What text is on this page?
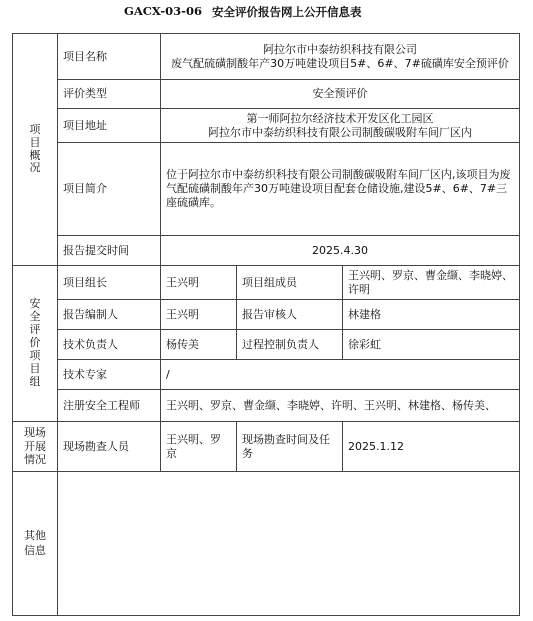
GACX-03-06 安全评价报告网上公开信息表
项目概况	项目名称	阿拉尔市中泰纺织科技有限公司
废气配硫磺制酸年产30万吨建设项目5#、6#、7#硫磺库安全预评价		

	评价类型	安全预评价		
	项目地址	第一师阿拉尔经济技术开发区化工园区
阿拉尔市中泰纺织科技有限公司制酸碳吸附车间厂区内		

	项目简介	位于阿拉尔市中泰纺织科技有限公司制酸碳吸附车间厂区内,该项目为废气配硫磺制酸年产30万吨建设项目配套仓储设施,建设5#、6#、7#三座硫磺库。		
	报告提交时间	2025.4.30		
安全评价项目组	项目组长	王兴明	项目组成员	王兴明、罗京、曹金缬、李晓婷、许明
	报告编制人	王兴明	报告审核人	林建格
	技术负责人	杨传美	过程控制负责人	徐彩虹
	技术专家	/		
	注册安全工程师	王兴明、罗京、曹金缬、李晓婷、许明、王兴明、林建格、杨传美、		
现场开展情况	现场勘查人员	王兴明、罗京	现场勘查时间及任务	2025.1.12
其他信息				
